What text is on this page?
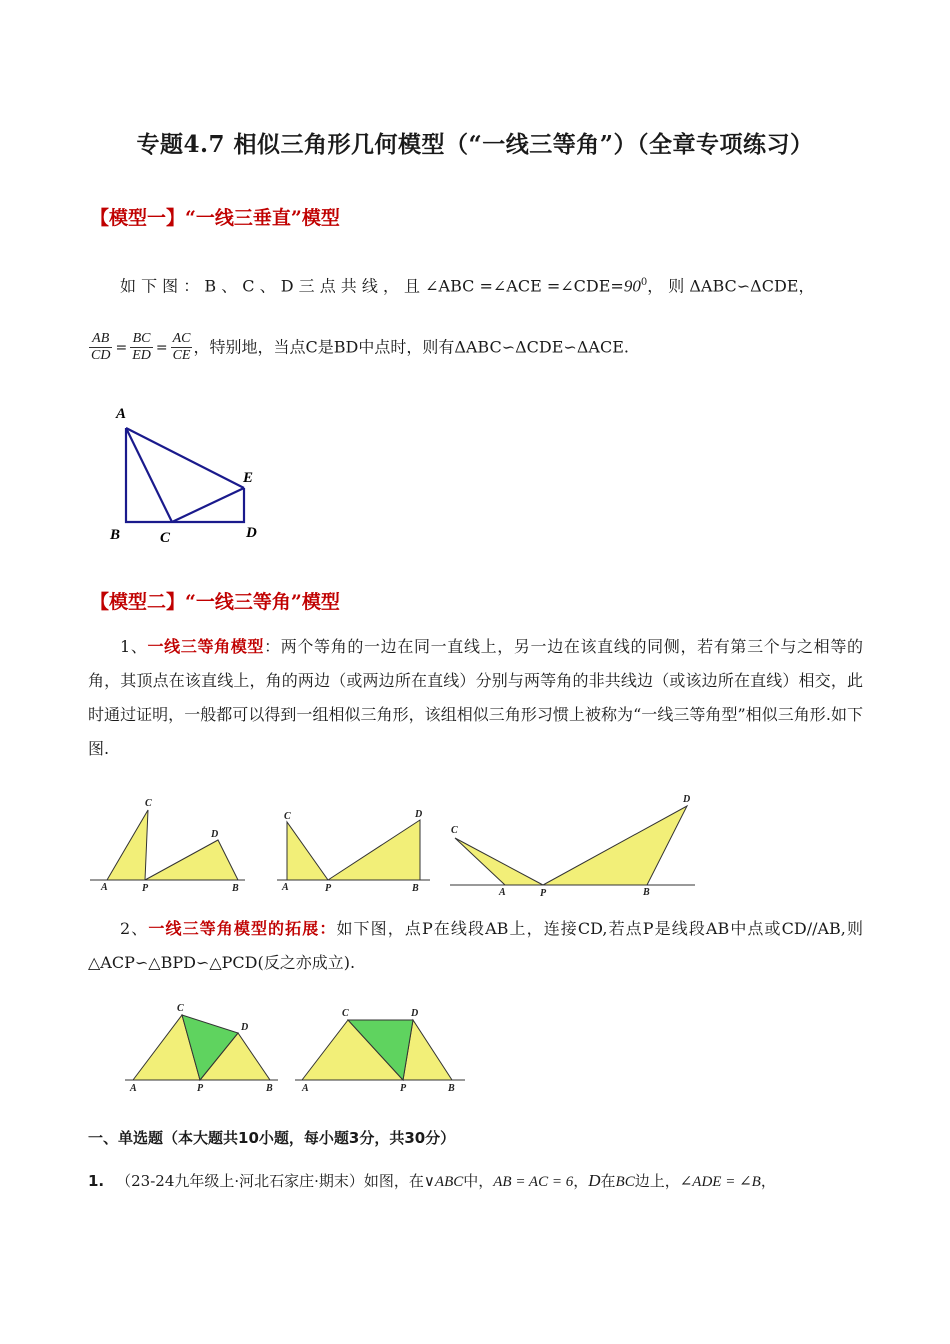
专题4.7 相似三角形几何模型（“一线三等角”）（全章专项练习）
【模型一】“一线三垂直”模型
如 下 图 ： B 、 C 、 D 三 点 共 线 ， 且 ∠ABC =∠ACE $=\angle CDE=90^0$， 则 ΔABC∽ΔCDE，
$\frac{AB}{CD} = \frac{BC}{ED} = \frac{AC}{CE}$ ，特别地，当点C是BD中点时，则有ΔABC∽ΔCDE∽ΔACE.
A
B	C	D
E
【模型二】“一线三等角”模型
1、一线三等角模型：两个等角的一边在同一直线上，另一边在该直线的同侧，若有第三个与之相等的角，其顶点在该直线上，角的两边（或两边所在直线）分别与两等角的非共线边（或该边所在直线）相交，此时通过证明，一般都可以得到一组相似三角形，该组相似三角形习惯上被称为“一线三等角型”相似三角形.如下图.
A
C
P
D
B	A
C
P
D
B
C
A	P
D
B
2、一线三等角模型的拓展：如下图，点P在线段AB上，连接CD,若点P是线段AB中点或CD//AB,则△ACP∽△BPD∽△PCD(反之亦成立).
A
C
P
D
B	A
C
P
D
B
一、单选题（本大题共10小题，每小题3分，共30分）
1. （23-24九年级上·河北石家庄·期末）如图，在∨ABC中，AB = AC = 6，D在BC边上，∠ADE = ∠B，
